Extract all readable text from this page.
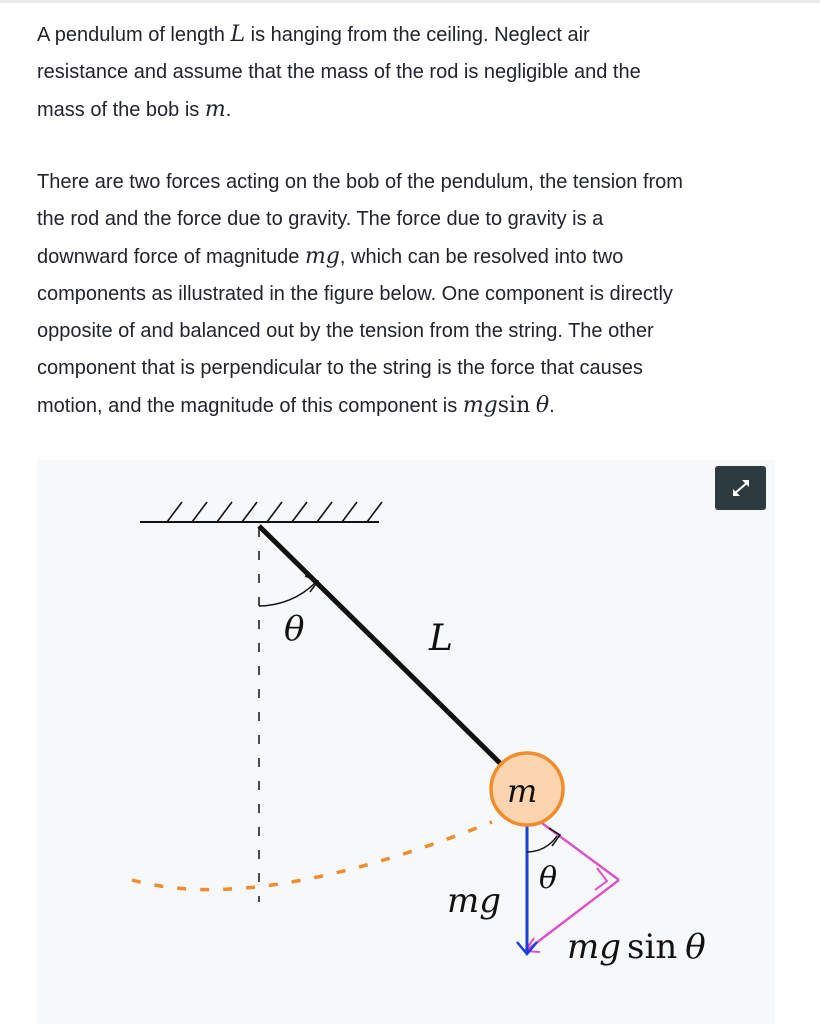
A pendulum of length L is hanging from the ceiling. Neglect air
resistance and assume that the mass of the rod is negligible and the
mass of the bob is m.

There are two forces acting on the bob of the pendulum, the tension from
the rod and the force due to gravity. The force due to gravity is a
downward force of magnitude mg, which can be resolved into two
components as illustrated in the figure below. One component is directly
opposite of and balanced out by the tension from the string. The other
component that is perpendicular to the string is the force that causes
motion, and the magnitude of this component is mgsin θ.

θ	L
θ
m
mg
mg sin θ
